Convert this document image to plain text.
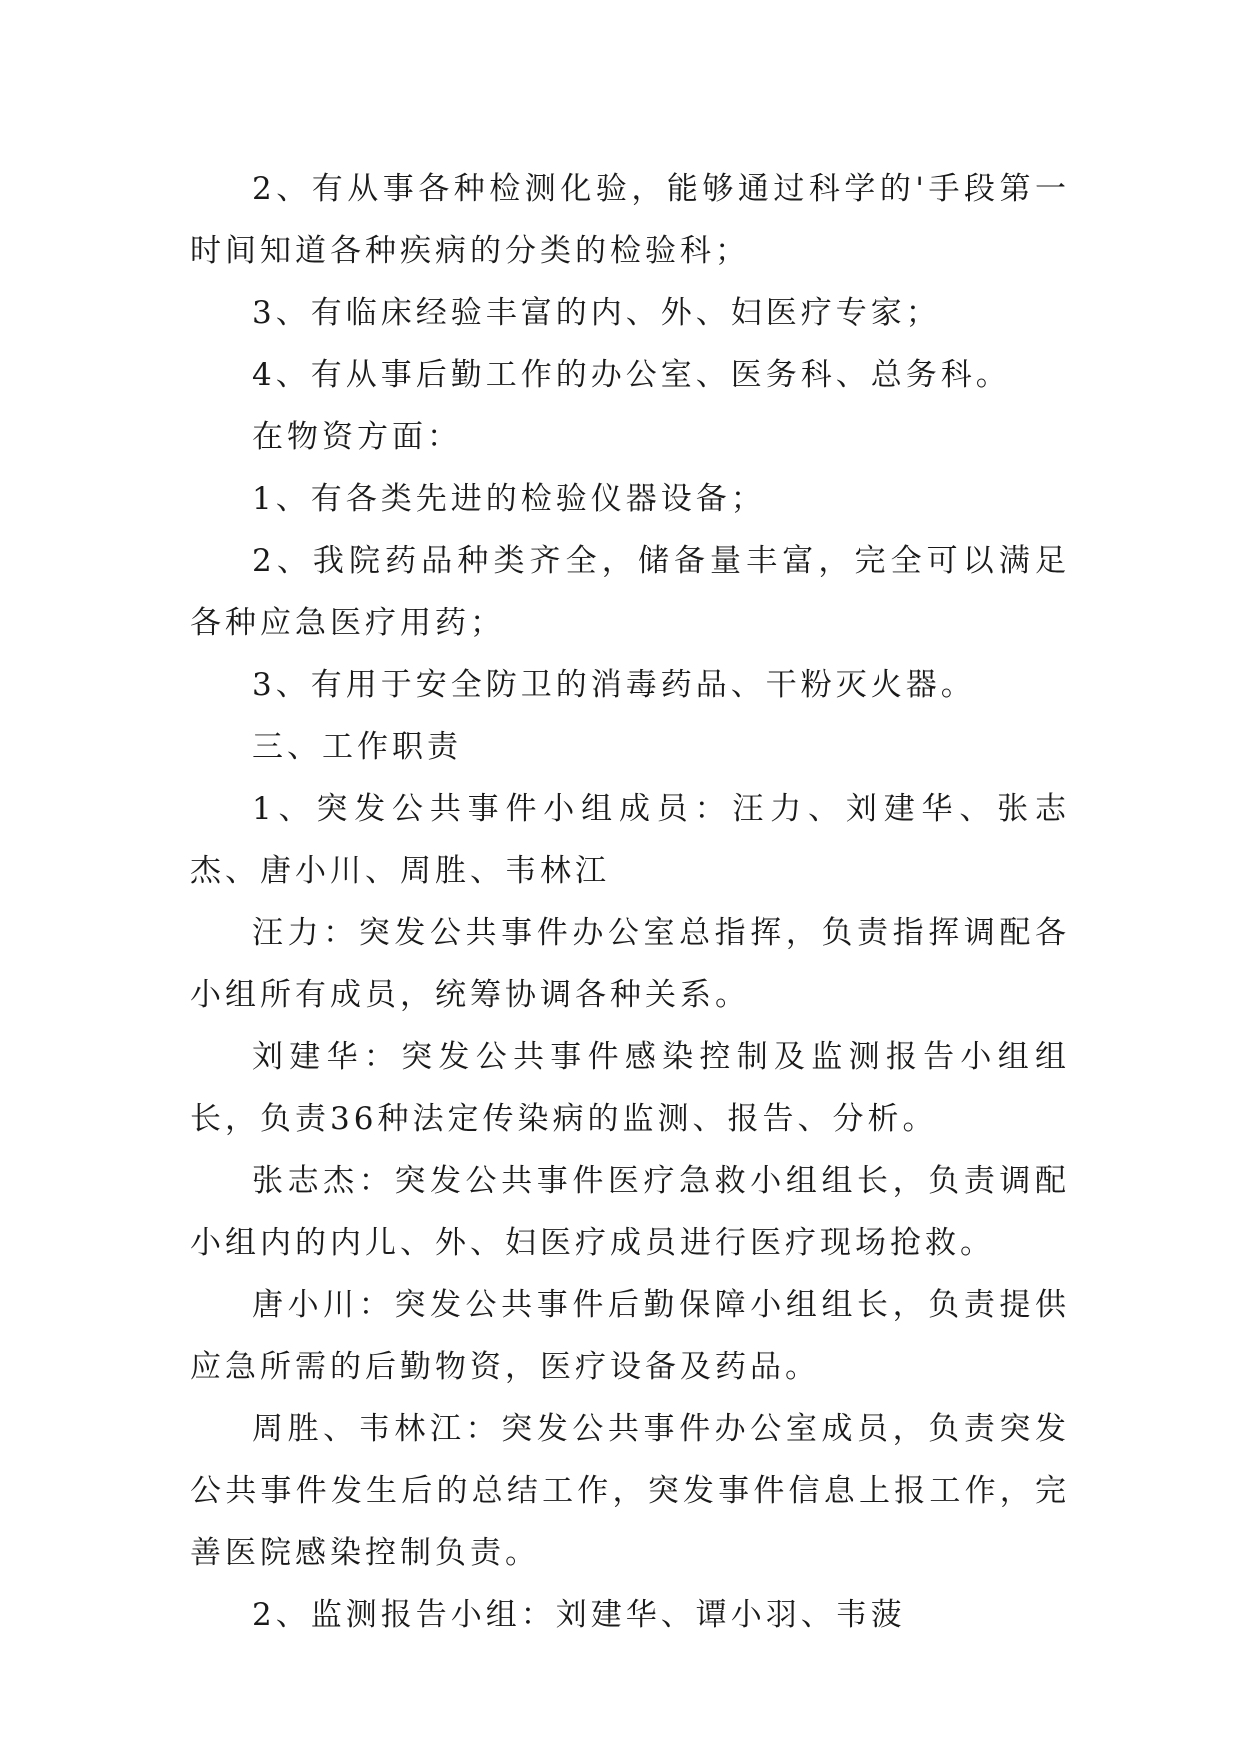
2、有从事各种检测化验，能够通过科学的'手段第一时间知道各种疾病的分类的检验科；

3、有临床经验丰富的内、外、妇医疗专家；

4、有从事后勤工作的办公室、医务科、总务科。

在物资方面：

1、有各类先进的检验仪器设备；

2、我院药品种类齐全，储备量丰富，完全可以满足各种应急医疗用药；

3、有用于安全防卫的消毒药品、干粉灭火器。

三、工作职责

1、突发公共事件小组成员：汪力、刘建华、张志杰、唐小川、周胜、韦林江

汪力：突发公共事件办公室总指挥，负责指挥调配各小组所有成员，统筹协调各种关系。

刘建华：突发公共事件感染控制及监测报告小组组长，负责36种法定传染病的监测、报告、分析。

张志杰：突发公共事件医疗急救小组组长，负责调配小组内的内儿、外、妇医疗成员进行医疗现场抢救。

唐小川：突发公共事件后勤保障小组组长，负责提供应急所需的后勤物资，医疗设备及药品。

周胜、韦林江：突发公共事件办公室成员，负责突发公共事件发生后的总结工作，突发事件信息上报工作，完善医院感染控制负责。

2、监测报告小组：刘建华、谭小羽、韦菠
